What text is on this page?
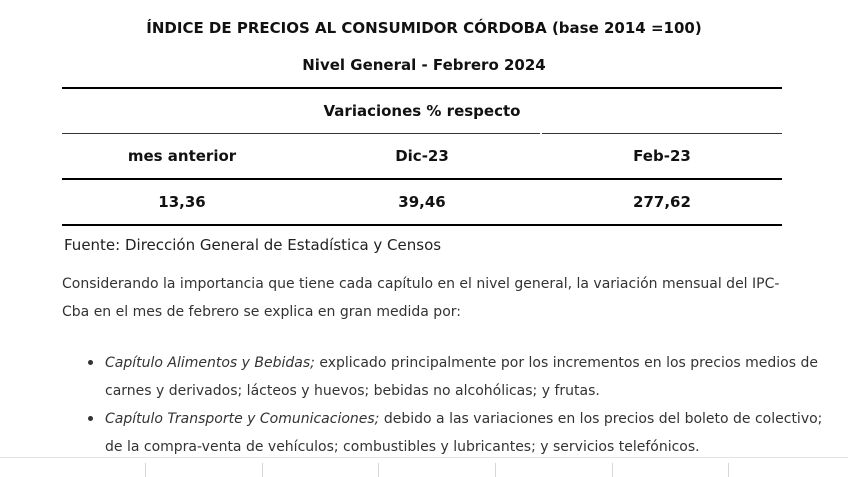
ÍNDICE DE PRECIOS AL CONSUMIDOR CÓRDOBA (base 2014 =100)
Nivel General - Febrero 2024
Variaciones % respecto
mes anterior	Dic-23	Feb-23
13,36	39,46	277,62
Fuente: Dirección General de Estadística y Censos
Considerando la importancia que tiene cada capítulo en el nivel general, la variación mensual del IPC-Cba en el mes de febrero se explica en gran medida por:
Capítulo Alimentos y Bebidas; explicado principalmente por los incrementos en los precios medios de carnes y derivados; lácteos y huevos; bebidas no alcohólicas; y frutas.
Capítulo Transporte y Comunicaciones; debido a las variaciones en los precios del boleto de colectivo; de la compra-venta de vehículos; combustibles y lubricantes; y servicios telefónicos.
